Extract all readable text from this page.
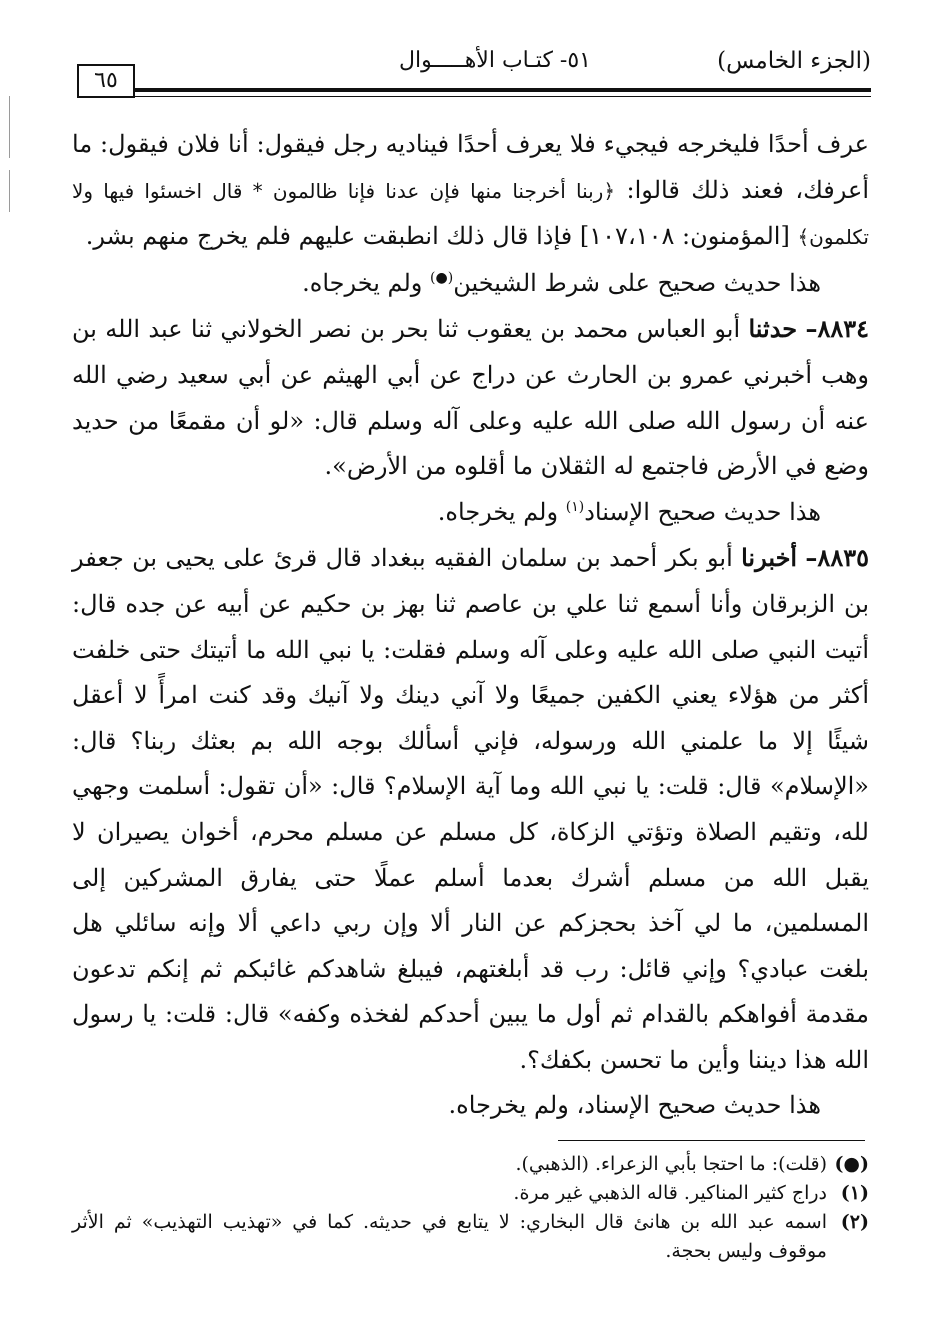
(الجزء الخامس)
٥١- كتـاب الأهـــــوال
٦٥

عرف أحدًا فليخرجه فيجيء فلا يعرف أحدًا فيناديه رجل فيقول: أنا فلان فيقول: ما أعرفك، فعند ذلك قالوا: ﴿ربنا أخرجنا منها فإن عدنا فإنا ظالمون * قال اخسئوا فيها ولا تكلمون﴾ [المؤمنون: ١٠٧،١٠٨] فإذا قال ذلك انطبقت عليهم فلم يخرج منهم بشر.

هذا حديث صحيح على شرط الشيخين(●) ولم يخرجاه.

٨٨٣٤– حدثنا أبو العباس محمد بن يعقوب ثنا بحر بن نصر الخولاني ثنا عبد الله بن وهب أخبرني عمرو بن الحارث عن دراج عن أبي الهيثم عن أبي سعيد رضي الله عنه أن رسول الله صلى الله عليه وعلى آله وسلم قال: «لو أن مقمعًا من حديد وضع في الأرض فاجتمع له الثقلان ما أقلوه من الأرض».

هذا حديث صحيح الإسناد$^{(١)}$ ولم يخرجاه.

٨٨٣٥– أخبرنا أبو بكر أحمد بن سلمان الفقيه ببغداد قال قرئ على يحيى بن جعفر بن الزبرقان وأنا أسمع ثنا علي بن عاصم ثنا بهز بن حكيم عن أبيه عن جده قال: أتيت النبي صلى الله عليه وعلى آله وسلم فقلت: يا نبي الله ما أتيتك حتى خلفت أكثر من هؤلاء يعني الكفين جميعًا ولا آني دينك ولا آنيك وقد كنت امرأً لا أعقل شيئًا إلا ما علمني الله ورسوله، فإني أسألك بوجه الله بم بعثك ربنا؟ قال: «الإسلام» قال: قلت: يا نبي الله وما آية الإسلام؟ قال: «أن تقول: أسلمت وجهي لله، وتقيم الصلاة وتؤتي الزكاة، كل مسلم عن مسلم محرم، أخوان يصيران لا يقبل الله من مسلم أشرك بعدما أسلم عملًا حتى يفارق المشركين إلى المسلمين، ما لي آخذ بحجزكم عن النار ألا وإن ربي داعي ألا وإنه سائلي هل بلغت عبادي؟ وإني قائل: رب قد أبلغتهم، فيبلغ شاهدكم غائبكم ثم إنكم تدعون مقدمة أفواهكم بالقدام ثم أول ما يبين أحدكم لفخذه وكفه» قال: قلت: يا رسول الله هذا ديننا وأين ما تحسن بكفك؟.

هذا حديث صحيح الإسناد، ولم يخرجاه.

(●)
(قلت): ما احتجا بأبي الزعراء. (الذهبي).
(١)
دراج كثير المناكير. قاله الذهبي غير مرة.
(٢)
اسمه عبد الله بن هانئ قال البخاري: لا يتابع في حديثه. كما في «تهذيب التهذيب» ثم الأثر موقوف وليس بحجة.
